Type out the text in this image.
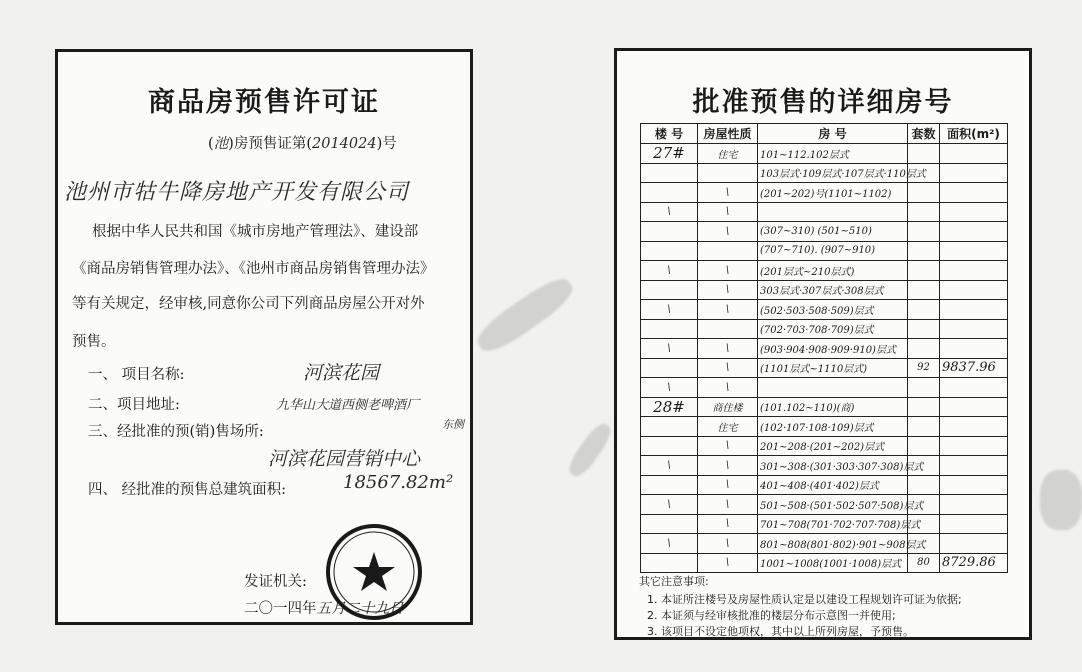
商品房预售许可证
(池)房预售证第(2014024)号
池州市牯牛降房地产开发有限公司
根据中华人民共和国《城市房地产管理法》、建设部
《商品房销售管理办法》、《池州市商品房销售管理办法》
等有关规定，经审核,同意你公司下列商品房屋公开对外
预售。
一、 项目名称:	河滨花园
二、项目地址:	九华山大道西侧老啤酒厂
东侧
三、经批准的预(销)售场所:
河滨花园营销中心
四、 经批准的预售总建筑面积:	18567.82m²
发证机关:
二〇一四年五月二十九日
批准预售的详细房号
楼 号	房屋性质	房 号	套数	面积(m²)
27#	住宅	101~112.102层式		
		103层式·109层式·107层式·110层式		
	\	(201~202)号(1101~1102)		
\	\			
	\	(307~310) (501~510)		
		(707~710). (907~910)		
\	\	(201层式~210层式)		
	\	303层式·307层式·308层式		
\	\	(502·503·508·509)层式		
		(702·703·708·709)层式		
\	\	(903·904·908·909·910)层式		
	\	(1101层式~1110层式)	92	9837.96
\	\			
28#	商住楼	(101.102~110)(商)		
	住宅	(102·107·108·109)层式		
	\	201~208·(201~202)层式		
\	\	301~308·(301·303·307·308)层式		
	\	401~408·(401·402)层式		
\	\	501~508·(501·502·507·508)层式		
	\	701~708(701·702·707·708)层式		
\	\	801~808(801·802)·901~908层式		
	\	1001~1008(1001·1008)层式	80	8729.86
其它注意事项:
1. 本证所注楼号及房屋性质认定是以建设工程规划许可证为依据;
2. 本证须与经审核批准的楼层分布示意图一并使用;
3. 该项目不设定他项权，其中以上所列房屋，予预售。
